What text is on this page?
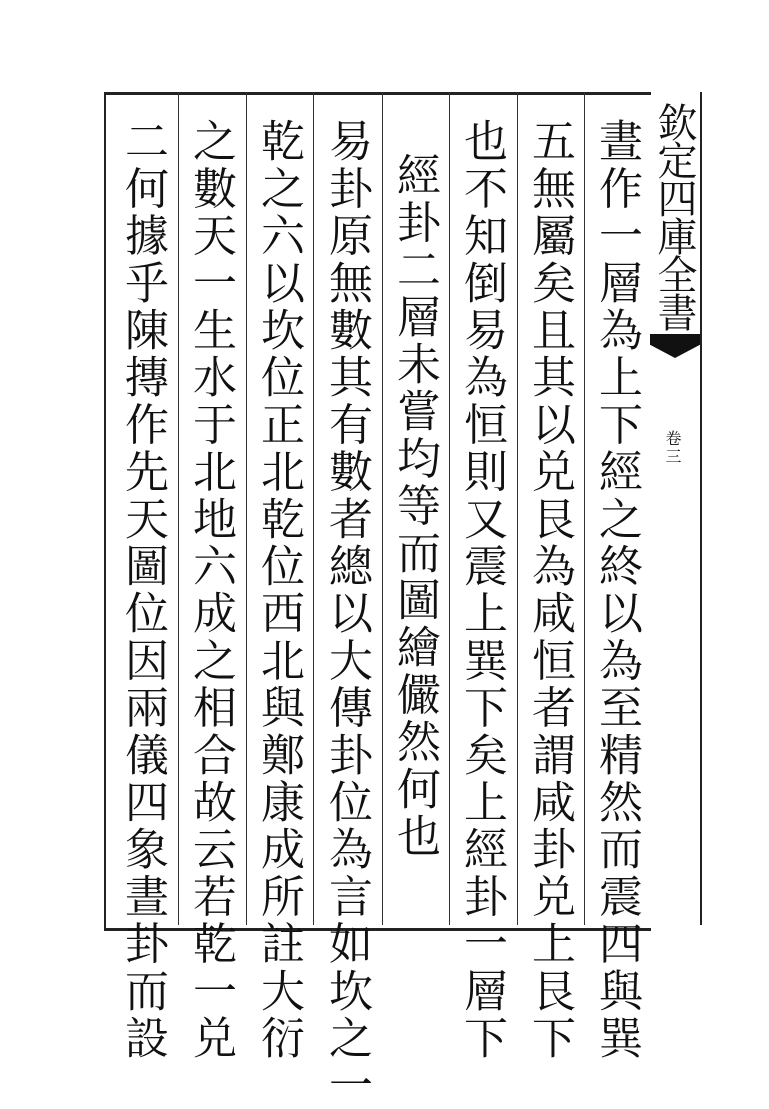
晝作一層為上下經之終以為至精然而震四與巽
五無屬矣且其以兑艮為咸恒者謂咸卦兑上艮下
也不知倒易為恒則又震上巽下矣上經卦一層下
經卦二層未嘗均等而圖繪儼然何也
易卦原無數其有數者總以大傳卦位為言如坎之一
乾之六以坎位正北乾位西北與鄭康成所註大衍
之數天一生水于北地六成之相合故云若乾一兑
二何據乎陳摶作先天圖位因兩儀四象晝卦而設	欽定四庫全書
卷三
